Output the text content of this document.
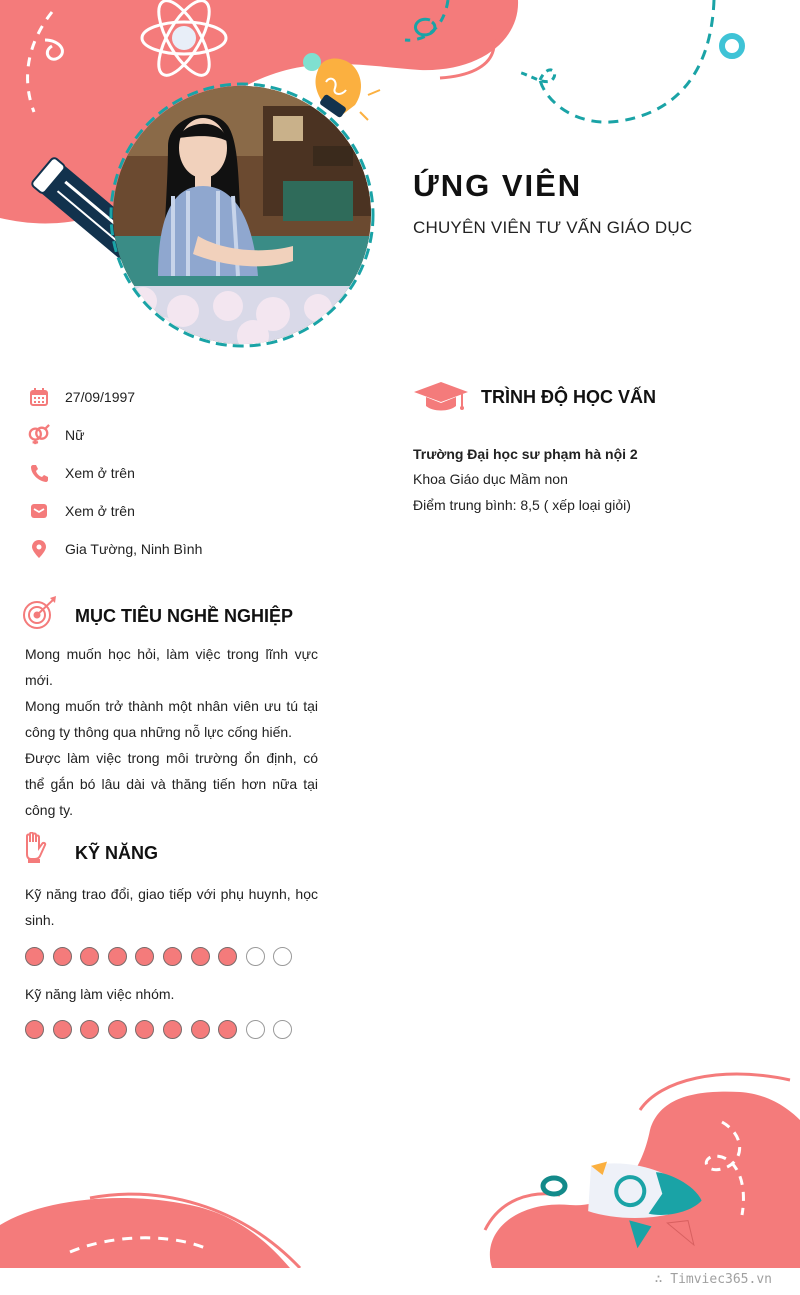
ỨNG VIÊN
CHUYÊN VIÊN TƯ VẤN GIÁO DỤC
27/09/1997
Nữ
Xem ở trên
Xem ở trên
Gia Tường, Ninh Bình
MỤC TIÊU NGHỀ NGHIỆP

Mong muốn học hỏi, làm việc trong lĩnh vực mới.
Mong muốn trở thành một nhân viên ưu tú tại công ty thông qua những nỗ lực cống hiến.
Được làm việc trong môi trường ổn định, có thể gắn bó lâu dài và thăng tiến hơn nữa tại công ty.

KỸ NĂNG

Kỹ năng trao đổi, giao tiếp với phụ huynh, học sinh.

Kỹ năng làm việc nhóm.

TRÌNH ĐỘ HỌC VẤN
Trường Đại học sư phạm hà nội 2
Khoa Giáo dục Mầm non
Điểm trung bình: 8,5 ( xếp loại giỏi)
∴ Timviec365.vn
